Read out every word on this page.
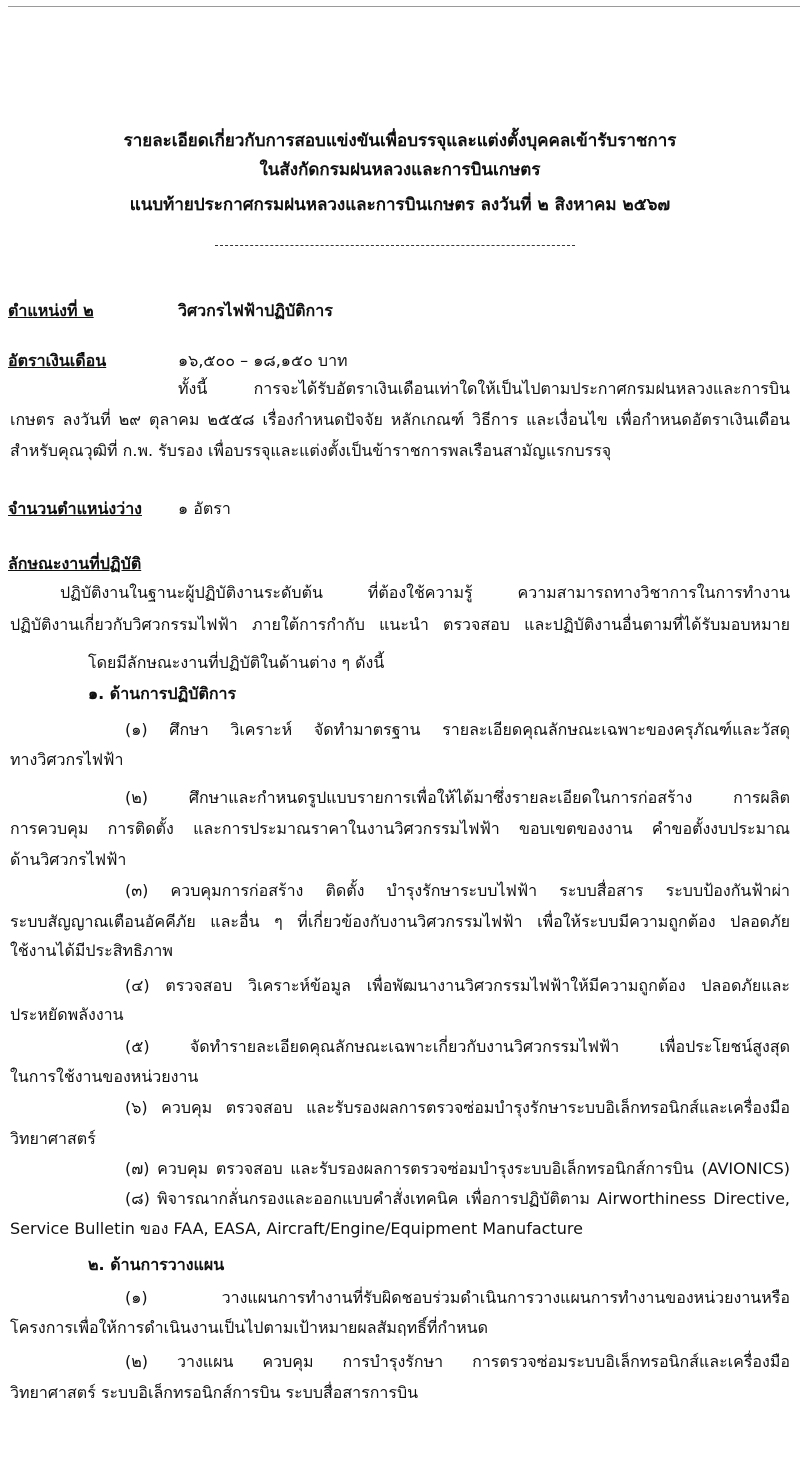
รายละเอียดเกี่ยวกับการสอบแข่งขันเพื่อบรรจุและแต่งตั้งบุคคลเข้ารับราชการ
ในสังกัดกรมฝนหลวงและการบินเกษตร
แนบท้ายประกาศกรมฝนหลวงและการบินเกษตร ลงวันที่ ๒ สิงหาคม ๒๕๖๗
ตำแหน่งที่ ๒	วิศวกรไฟฟ้าปฏิบัติการ
อัตราเงินเดือน	๑๖,๕๐๐ – ๑๘,๑๕๐ บาท
ทั้งนี้ การจะได้รับอัตราเงินเดือนเท่าใดให้เป็นไปตามประกาศกรมฝนหลวงและการบิน
เกษตร ลงวันที่ ๒๙ ตุลาคม ๒๕๕๘ เรื่องกำหนดปัจจัย หลักเกณฑ์ วิธีการ และเงื่อนไข เพื่อกำหนดอัตราเงินเดือน
สำหรับคุณวุฒิที่ ก.พ. รับรอง เพื่อบรรจุและแต่งตั้งเป็นข้าราชการพลเรือนสามัญแรกบรรจุ
จำนวนตำแหน่งว่าง ๑ อัตรา
ลักษณะงานที่ปฏิบัติ
ปฏิบัติงานในฐานะผู้ปฏิบัติงานระดับต้น ที่ต้องใช้ความรู้ ความสามารถทางวิชาการในการทำงาน
ปฏิบัติงานเกี่ยวกับวิศวกรรมไฟฟ้า ภายใต้การกำกับ แนะนำ ตรวจสอบ และปฏิบัติงานอื่นตามที่ได้รับมอบหมาย
โดยมีลักษณะงานที่ปฏิบัติในด้านต่าง ๆ ดังนี้
๑. ด้านการปฏิบัติการ
(๑) ศึกษา วิเคราะห์ จัดทำมาตรฐาน รายละเอียดคุณลักษณะเฉพาะของครุภัณฑ์และวัสดุ
ทางวิศวกรไฟฟ้า
(๒) ศึกษาและกำหนดรูปแบบรายการเพื่อให้ได้มาซึ่งรายละเอียดในการก่อสร้าง การผลิต
การควบคุม การติดตั้ง และการประมาณราคาในงานวิศวกรรมไฟฟ้า ขอบเขตของงาน คำขอตั้งงบประมาณ
ด้านวิศวกรไฟฟ้า
(๓) ควบคุมการก่อสร้าง ติดตั้ง บำรุงรักษาระบบไฟฟ้า ระบบสื่อสาร ระบบป้องกันฟ้าผ่า
ระบบสัญญาณเตือนอัคคีภัย และอื่น ๆ ที่เกี่ยวข้องกับงานวิศวกรรมไฟฟ้า เพื่อให้ระบบมีความถูกต้อง ปลอดภัย
ใช้งานได้มีประสิทธิภาพ
(๔) ตรวจสอบ วิเคราะห์ข้อมูล เพื่อพัฒนางานวิศวกรรมไฟฟ้าให้มีความถูกต้อง ปลอดภัยและ
ประหยัดพลังงาน
(๕) จัดทำรายละเอียดคุณลักษณะเฉพาะเกี่ยวกับงานวิศวกรรมไฟฟ้า เพื่อประโยชน์สูงสุด
ในการใช้งานของหน่วยงาน
(๖) ควบคุม ตรวจสอบ และรับรองผลการตรวจซ่อมบำรุงรักษาระบบอิเล็กทรอนิกส์และเครื่องมือ
วิทยาศาสตร์
(๗) ควบคุม ตรวจสอบ และรับรองผลการตรวจซ่อมบำรุงระบบอิเล็กทรอนิกส์การบิน (AVIONICS)
(๘) พิจารณากลั่นกรองและออกแบบคำสั่งเทคนิค เพื่อการปฏิบัติตาม Airworthiness Directive,
Service Bulletin ของ FAA, EASA, Aircraft/Engine/Equipment Manufacture
๒. ด้านการวางแผน
(๑) วางแผนการทำงานที่รับผิดชอบร่วมดำเนินการวางแผนการทำงานของหน่วยงานหรือ
โครงการเพื่อให้การดำเนินงานเป็นไปตามเป้าหมายผลสัมฤทธิ์ที่กำหนด
(๒) วางแผน ควบคุม การบำรุงรักษา การตรวจซ่อมระบบอิเล็กทรอนิกส์และเครื่องมือ
วิทยาศาสตร์ ระบบอิเล็กทรอนิกส์การบิน ระบบสื่อสารการบิน
